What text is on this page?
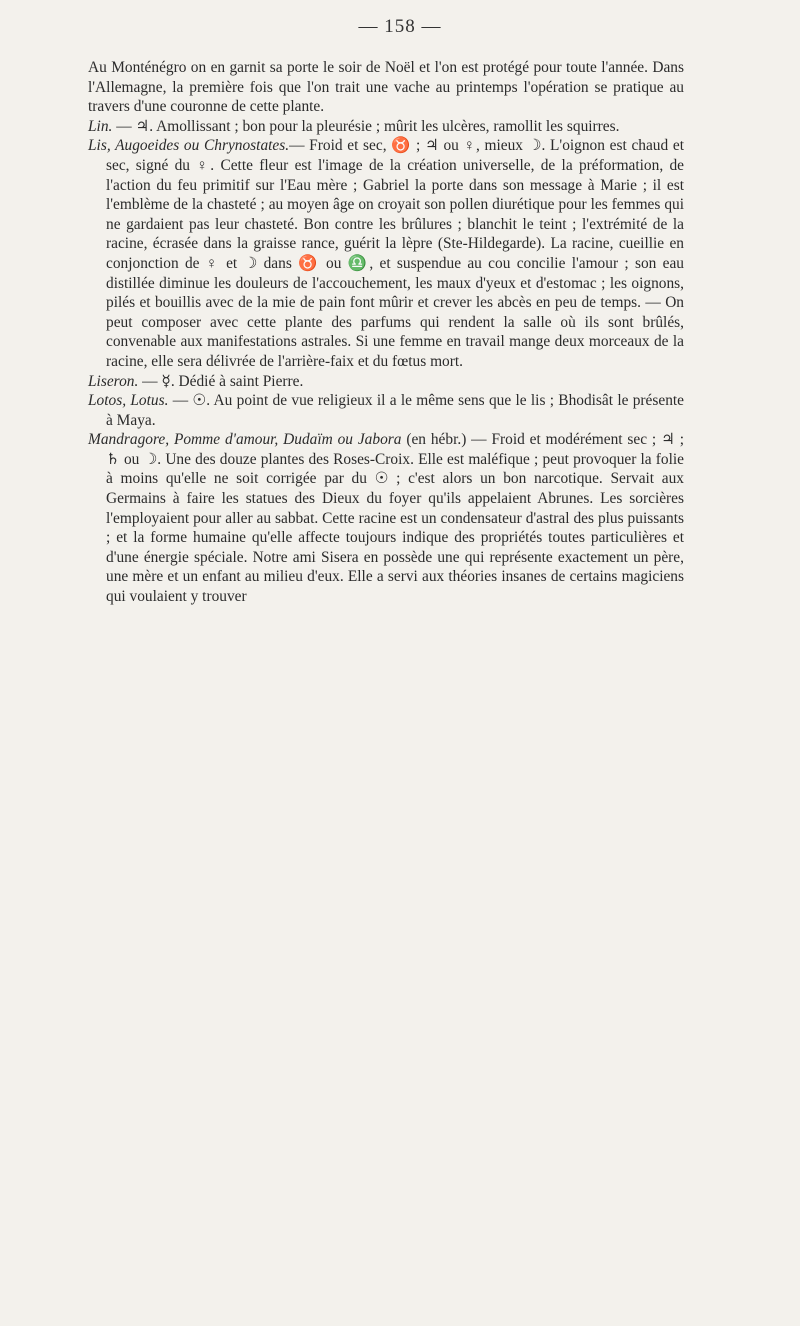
— 158 —

Au Monténégro on en garnit sa porte le soir de Noël et l'on est protégé pour toute l'année. Dans l'Allemagne, la première fois que l'on trait une vache au printemps l'opération se pratique au travers d'une couronne de cette plante.

Lin. — ♃. Amollissant ; bon pour la pleurésie ; mûrit les ulcères, ramollit les squirres.

Lis, Augoeides ou Chrynostates.— Froid et sec, ♉ ; ♃ ou ♀, mieux ☽. L'oignon est chaud et sec, signé du ♀. Cette fleur est l'image de la création universelle, de la préformation, de l'action du feu primitif sur l'Eau mère ; Gabriel la porte dans son message à Marie ; il est l'emblème de la chasteté ; au moyen âge on croyait son pollen diurétique pour les femmes qui ne gardaient pas leur chasteté. Bon contre les brûlures ; blanchit le teint ; l'extrémité de la racine, écrasée dans la graisse rance, guérit la lèpre (Ste-Hildegarde). La racine, cueillie en conjonction de ♀ et ☽ dans ♉ ou ♎, et suspendue au cou concilie l'amour ; son eau distillée diminue les douleurs de l'accouchement, les maux d'yeux et d'estomac ; les oignons, pilés et bouillis avec de la mie de pain font mûrir et crever les abcès en peu de temps. — On peut composer avec cette plante des parfums qui rendent la salle où ils sont brûlés, convenable aux manifestations astrales. Si une femme en travail mange deux morceaux de la racine, elle sera délivrée de l'arrière-faix et du fœtus mort.

Liseron. — ☿. Dédié à saint Pierre.

Lotos, Lotus. — ☉. Au point de vue religieux il a le même sens que le lis ; Bhodisât le présente à Maya.

Mandragore, Pomme d'amour, Dudaïm ou Jabora (en hébr.) — Froid et modérément sec ; ♃ ; ♄ ou ☽. Une des douze plantes des Roses-Croix. Elle est maléfique ; peut provoquer la folie à moins qu'elle ne soit corrigée par du ☉ ; c'est alors un bon narcotique. Servait aux Germains à faire les statues des Dieux du foyer qu'ils appelaient Abrunes. Les sorcières l'employaient pour aller au sabbat. Cette racine est un condensateur d'astral des plus puissants ; et la forme humaine qu'elle affecte toujours indique des propriétés toutes particulières et d'une énergie spéciale. Notre ami Sisera en possède une qui représente exactement un père, une mère et un enfant au milieu d'eux. Elle a servi aux théories insanes de certains magiciens qui voulaient y trouver
